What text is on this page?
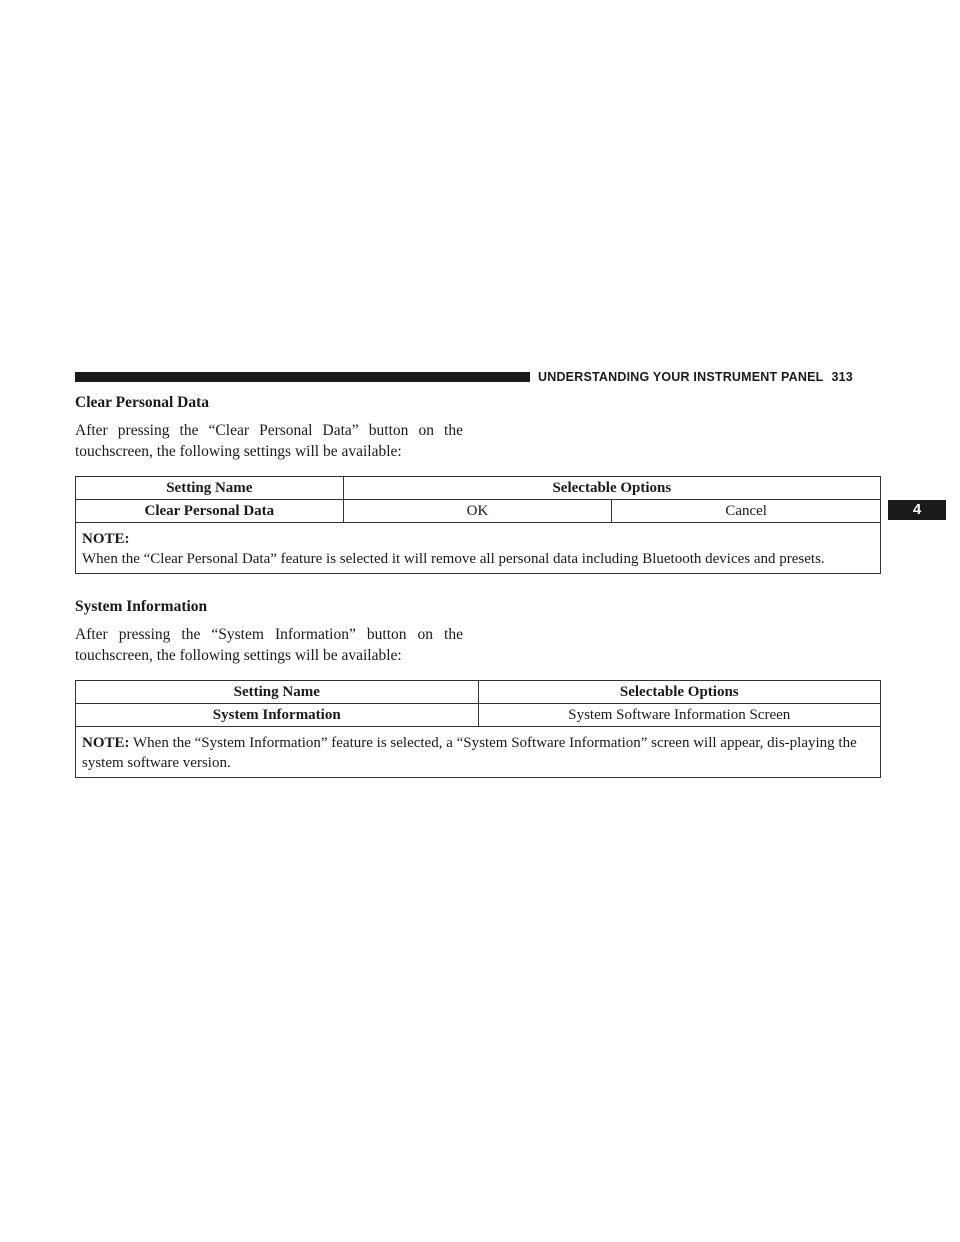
UNDERSTANDING YOUR INSTRUMENT PANEL 313
4
Clear Personal Data
After pressing the “Clear Personal Data” button on the
touchscreen, the following settings will be available:
Setting Name	Selectable Options	
Clear Personal Data	OK	Cancel

NOTE:
When the “Clear Personal Data” feature is selected it will remove all personal data including Bluetooth devices and presets.		
System Information
After pressing the “System Information” button on the
touchscreen, the following settings will be available:
Setting Name	Selectable Options
System Information	System Software Information Screen
NOTE: When the “System Information” feature is selected, a “System Software Information” screen will appear, dis-playing the system software version.	
